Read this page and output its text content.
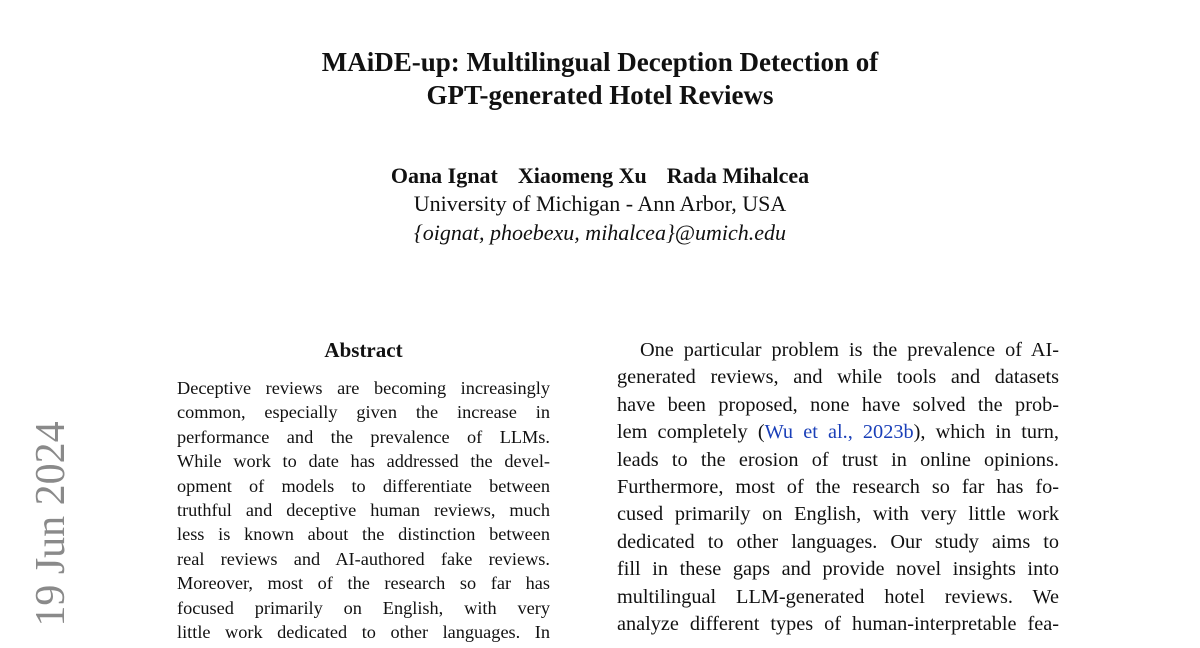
MAiDE-up: Multilingual Deception Detection of
GPT-generated Hotel Reviews
Oana Ignat Xiaomeng Xu Rada Mihalcea
University of Michigan - Ann Arbor, USA
{oignat, phoebexu, mihalcea}@umich.edu
Abstract
Deceptive reviews are becoming increasingly
common, especially given the increase in
performance and the prevalence of LLMs.
While work to date has addressed the devel-
opment of models to differentiate between
truthful and deceptive human reviews, much
less is known about the distinction between
real reviews and AI-authored fake reviews.
Moreover, most of the research so far has
focused primarily on English, with very
little work dedicated to other languages. In
One particular problem is the prevalence of AI-
generated reviews, and while tools and datasets
have been proposed, none have solved the prob-
lem completely (Wu et al., 2023b), which in turn,
leads to the erosion of trust in online opinions.
Furthermore, most of the research so far has fo-
cused primarily on English, with very little work
dedicated to other languages. Our study aims to
fill in these gaps and provide novel insights into
multilingual LLM-generated hotel reviews. We
analyze different types of human-interpretable fea-
19 Jun 2024
